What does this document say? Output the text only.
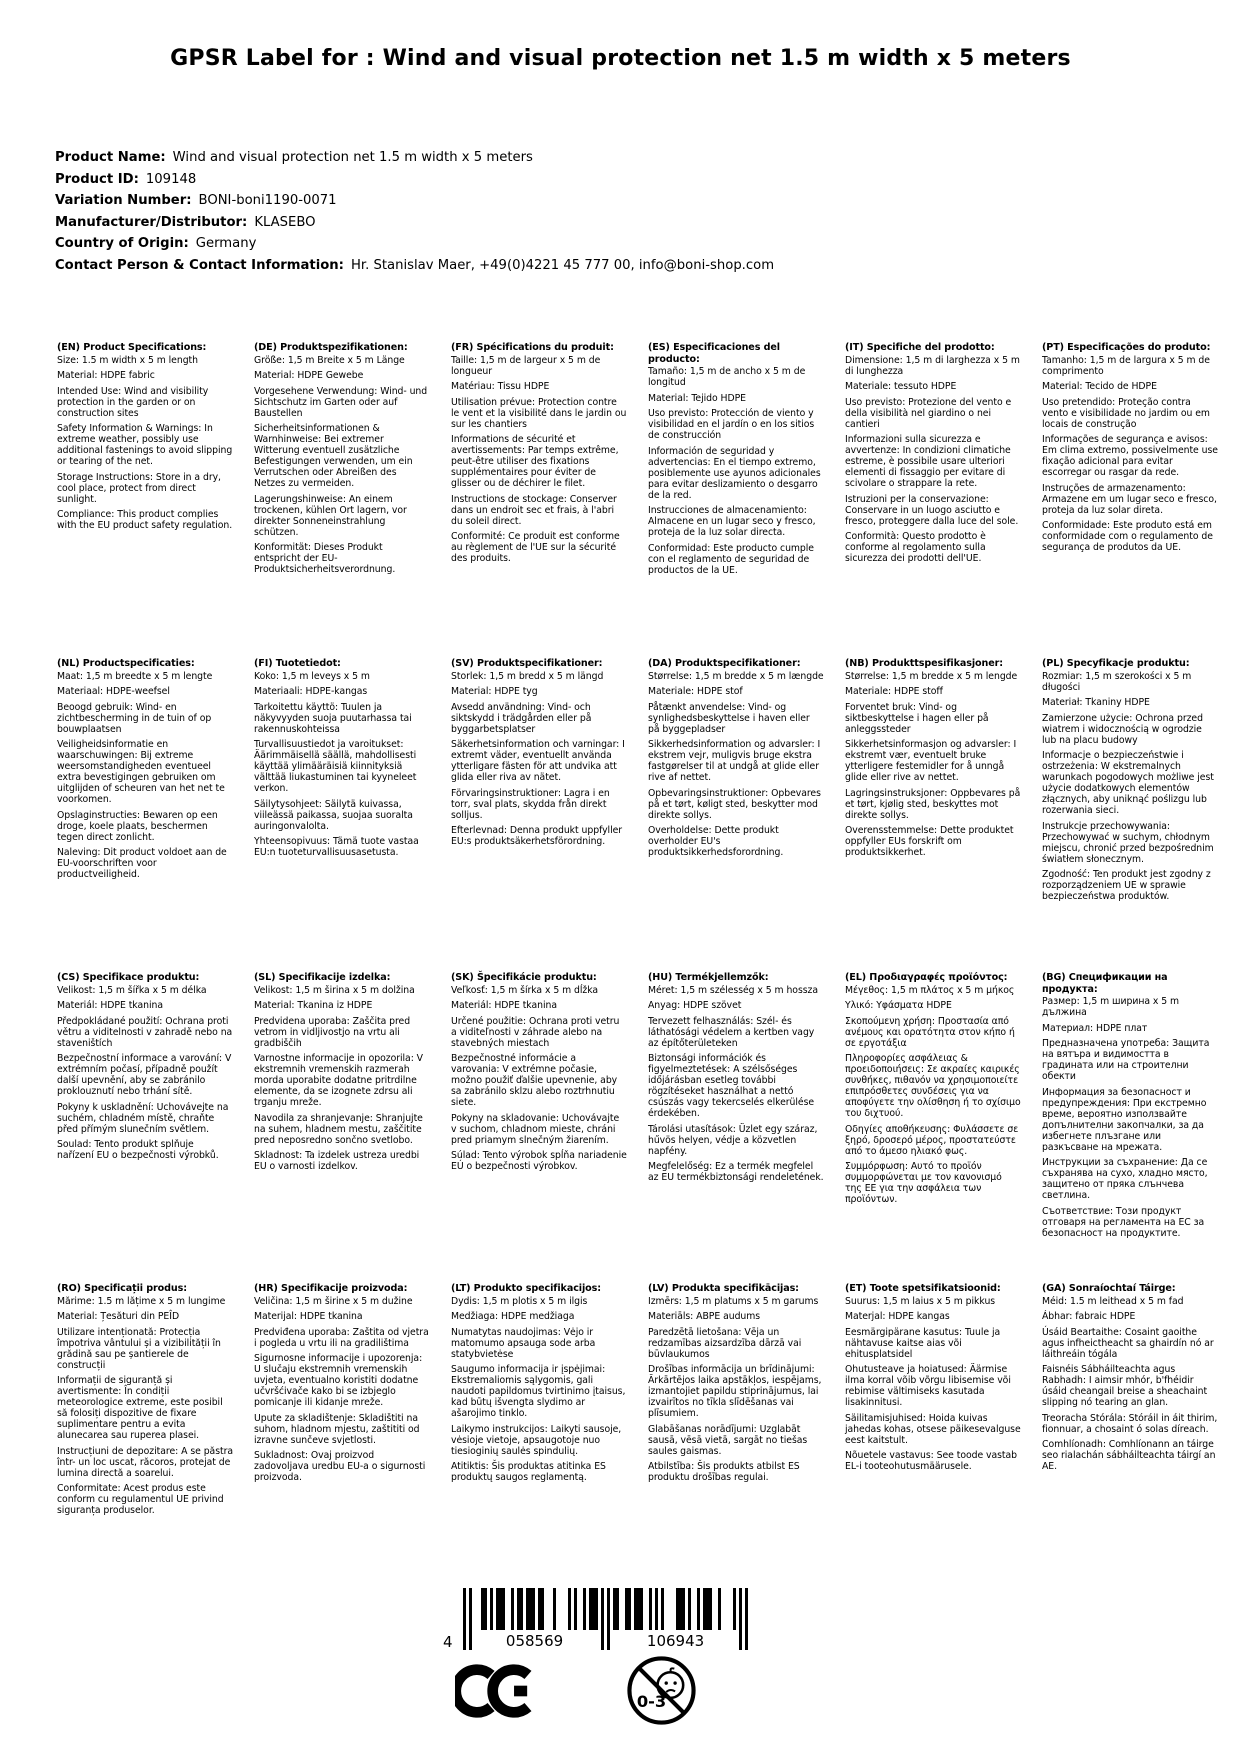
GPSR Label for : Wind and visual protection net 1.5 m width x 5 meters
Product Name: Wind and visual protection net 1.5 m width x 5 meters
Product ID: 109148
Variation Number: BONI-boni1190-0071
Manufacturer/Distributor: KLASEBO
Country of Origin: Germany
Contact Person & Contact Information: Hr. Stanislav Maer, +49(0)4221 45 777 00, info@boni-shop.com
(EN) Product Specifications:
Size: 1.5 m width x 5 m length
Material: HDPE fabric
Intended Use: Wind and visibility protection in the garden or on construction sites
Safety Information & Warnings: In extreme weather, possibly use additional fastenings to avoid slipping or tearing of the net.
Storage Instructions: Store in a dry, cool place, protect from direct sunlight.
Compliance: This product complies with the EU product safety regulation.
(DE) Produktspezifikationen:
Größe: 1,5 m Breite x 5 m Länge
Material: HDPE Gewebe
Vorgesehene Verwendung: Wind- und Sichtschutz im Garten oder auf Baustellen
Sicherheitsinformationen & Warnhinweise: Bei extremer Witterung eventuell zusätzliche Befestigungen verwenden, um ein Verrutschen oder Abreißen des Netzes zu vermeiden.
Lagerungshinweise: An einem trockenen, kühlen Ort lagern, vor direkter Sonneneinstrahlung schützen.
Konformität: Dieses Produkt entspricht der EU-Produktsicherheitsverordnung.
(FR) Spécifications du produit:
Taille: 1,5 m de largeur x 5 m de longueur
Matériau: Tissu HDPE
Utilisation prévue: Protection contre le vent et la visibilité dans le jardin ou sur les chantiers
Informations de sécurité et avertissements: Par temps extrême, peut-être utiliser des fixations supplémentaires pour éviter de glisser ou de déchirer le filet.
Instructions de stockage: Conserver dans un endroit sec et frais, à l'abri du soleil direct.
Conformité: Ce produit est conforme au règlement de l'UE sur la sécurité des produits.
(ES) Especificaciones del producto:
Tamaño: 1,5 m de ancho x 5 m de longitud
Material: Tejido HDPE
Uso previsto: Protección de viento y visibilidad en el jardín o en los sitios de construcción
Información de seguridad y advertencias: En el tiempo extremo, posiblemente use ayunos adicionales para evitar deslizamiento o desgarro de la red.
Instrucciones de almacenamiento: Almacene en un lugar seco y fresco, proteja de la luz solar directa.
Conformidad: Este producto cumple con el reglamento de seguridad de productos de la UE.
(IT) Specifiche del prodotto:
Dimensione: 1,5 m di larghezza x 5 m di lunghezza
Materiale: tessuto HDPE
Uso previsto: Protezione del vento e della visibilità nel giardino o nei cantieri
Informazioni sulla sicurezza e avvertenze: In condizioni climatiche estreme, è possibile usare ulteriori elementi di fissaggio per evitare di scivolare o strappare la rete.
Istruzioni per la conservazione: Conservare in un luogo asciutto e fresco, proteggere dalla luce del sole.
Conformità: Questo prodotto è conforme al regolamento sulla sicurezza dei prodotti dell'UE.
(PT) Especificações do produto:
Tamanho: 1,5 m de largura x 5 m de comprimento
Material: Tecido de HDPE
Uso pretendido: Proteção contra vento e visibilidade no jardim ou em locais de construção
Informações de segurança e avisos: Em clima extremo, possivelmente use fixação adicional para evitar escorregar ou rasgar da rede.
Instruções de armazenamento: Armazene em um lugar seco e fresco, proteja da luz solar direta.
Conformidade: Este produto está em conformidade com o regulamento de segurança de produtos da UE.
(NL) Productspecificaties:
Maat: 1,5 m breedte x 5 m lengte
Materiaal: HDPE-weefsel
Beoogd gebruik: Wind- en zichtbescherming in de tuin of op bouwplaatsen
Veiligheidsinformatie en waarschuwingen: Bij extreme weersomstandigheden eventueel extra bevestigingen gebruiken om uitglijden of scheuren van het net te voorkomen.
Opslaginstructies: Bewaren op een droge, koele plaats, beschermen tegen direct zonlicht.
Naleving: Dit product voldoet aan de EU-voorschriften voor productveiligheid.
(FI) Tuotetiedot:
Koko: 1,5 m leveys x 5 m
Materiaali: HDPE-kangas
Tarkoitettu käyttö: Tuulen ja näkyvyyden suoja puutarhassa tai rakennuskohteissa
Turvallisuustiedot ja varoitukset: Äärimmäisellä säällä, mahdollisesti käyttää ylimääräisiä kiinnityksiä välttää liukastuminen tai kyyneleet verkon.
Säilytysohjeet: Säilytä kuivassa, viileässä paikassa, suojaa suoralta auringonvalolta.
Yhteensopivuus: Tämä tuote vastaa EU:n tuoteturvallisuusasetusta.
(SV) Produktspecifikationer:
Storlek: 1,5 m bredd x 5 m längd
Material: HDPE tyg
Avsedd användning: Vind- och siktskydd i trädgården eller på byggarbetsplatser
Säkerhetsinformation och varningar: I extremt väder, eventuellt använda ytterligare fästen för att undvika att glida eller riva av nätet.
Förvaringsinstruktioner: Lagra i en torr, sval plats, skydda från direkt solljus.
Efterlevnad: Denna produkt uppfyller EU:s produktsäkerhetsförordning.
(DA) Produktspecifikationer:
Størrelse: 1,5 m bredde x 5 m længde
Materiale: HDPE stof
Påtænkt anvendelse: Vind- og synlighedsbeskyttelse i haven eller på byggepladser
Sikkerhedsinformation og advarsler: I ekstrem vejr, muligvis bruge ekstra fastgørelser til at undgå at glide eller rive af nettet.
Opbevaringsinstruktioner: Opbevares på et tørt, køligt sted, beskytter mod direkte sollys.
Overholdelse: Dette produkt overholder EU's produktsikkerhedsforordning.
(NB) Produkttspesifikasjoner:
Størrelse: 1,5 m bredde x 5 m lengde
Materiale: HDPE stoff
Forventet bruk: Vind- og siktbeskyttelse i hagen eller på anleggssteder
Sikkerhetsinformasjon og advarsler: I ekstremt vær, eventuelt bruke ytterligere festemidler for å unngå glide eller rive av nettet.
Lagringsinstruksjoner: Oppbevares på et tørt, kjølig sted, beskyttes mot direkte sollys.
Overensstemmelse: Dette produktet oppfyller EUs forskrift om produktsikkerhet.
(PL) Specyfikacje produktu:
Rozmiar: 1,5 m szerokości x 5 m długości
Materiał: Tkaniny HDPE
Zamierzone użycie: Ochrona przed wiatrem i widocznością w ogrodzie lub na placu budowy
Informacje o bezpieczeństwie i ostrzeżenia: W ekstremalnych warunkach pogodowych możliwe jest użycie dodatkowych elementów złącznych, aby uniknąć poślizgu lub rozerwania sieci.
Instrukcje przechowywania: Przechowywać w suchym, chłodnym miejscu, chronić przed bezpośrednim światłem słonecznym.
Zgodność: Ten produkt jest zgodny z rozporządzeniem UE w sprawie bezpieczeństwa produktów.
(CS) Specifikace produktu:
Velikost: 1,5 m šířka x 5 m délka
Materiál: HDPE tkanina
Předpokládané použití: Ochrana proti větru a viditelnosti v zahradě nebo na staveništích
Bezpečnostní informace a varování: V extrémním počasí, případně použít další upevnění, aby se zabránilo proklouznutí nebo trhání sítě.
Pokyny k uskladnění: Uchovávejte na suchém, chladném místě, chraňte před přímým slunečním světlem.
Soulad: Tento produkt splňuje nařízení EU o bezpečnosti výrobků.
(SL) Specifikacije izdelka:
Velikost: 1,5 m širina x 5 m dolžina
Material: Tkanina iz HDPE
Predvidena uporaba: Zaščita pred vetrom in vidljivostjo na vrtu ali gradbiščih
Varnostne informacije in opozorila: V ekstremnih vremenskih razmerah morda uporabite dodatne pritrdilne elemente, da se izognete zdrsu ali trganju mreže.
Navodila za shranjevanje: Shranjujte na suhem, hladnem mestu, zaščitite pred neposredno sončno svetlobo.
Skladnost: Ta izdelek ustreza uredbi EU o varnosti izdelkov.
(SK) Špecifikácie produktu:
Veľkosť: 1,5 m šírka x 5 m dĺžka
Materiál: HDPE tkanina
Určené použitie: Ochrana proti vetru a viditeľnosti v záhrade alebo na stavebných miestach
Bezpečnostné informácie a varovania: V extrémne počasie, možno použiť ďalšie upevnenie, aby sa zabránilo sklzu alebo roztrhnutiu siete.
Pokyny na skladovanie: Uchovávajte v suchom, chladnom mieste, chráni pred priamym slnečným žiarením.
Súlad: Tento výrobok spĺňa nariadenie EÚ o bezpečnosti výrobkov.
(HU) Termékjellemzők:
Méret: 1,5 m szélesség x 5 m hossza
Anyag: HDPE szövet
Tervezett felhasználás: Szél- és láthatósági védelem a kertben vagy az építőterületeken
Biztonsági információk és figyelmeztetések: A szélsőséges időjárásban esetleg további rögzítéseket használhat a nettó csúszás vagy tekercselés elkerülése érdekében.
Tárolási utasítások: Üzlet egy száraz, hűvös helyen, védje a közvetlen napfény.
Megfelelőség: Ez a termék megfelel az EU termékbiztonsági rendeletének.
(EL) Προδιαγραφές προϊόντος:
Μέγεθος: 1,5 m πλάτος x 5 m μήκος
Υλικό: Υφάσματα HDPE
Σκοπούμενη χρήση: Προστασία από ανέμους και ορατότητα στον κήπο ή σε εργοτάξια
Πληροφορίες ασφάλειας & προειδοποιήσεις: Σε ακραίες καιρικές συνθήκες, πιθανόν να χρησιμοποιείτε επιπρόσθετες συνδέσεις για να αποφύγετε την ολίσθηση ή το σχίσιμο του διχτυού.
Οδηγίες αποθήκευσης: Φυλάσσετε σε ξηρό, δροσερό μέρος, προστατεύστε από το άμεσο ηλιακό φως.
Συμμόρφωση: Αυτό το προϊόν συμμορφώνεται με τον κανονισμό της ΕΕ για την ασφάλεια των προϊόντων.
(BG) Спецификации на продукта:
Размер: 1,5 m ширина x 5 m дължина
Материал: HDPE плат
Предназначена употреба: Защита на вятъра и видимостта в градината или на строителни обекти
Информация за безопасност и предупреждения: При екстремно време, вероятно използвайте допълнителни закопчалки, за да избегнете плъзгане или разкъсване на мрежата.
Инструкции за съхранение: Да се съхранява на сухо, хладно място, защитено от пряка слънчева светлина.
Съответствие: Този продукт отговаря на регламента на ЕС за безопасност на продуктите.
(RO) Specificații produs:
Mărime: 1.5 m lățime x 5 m lungime
Material: Țesături din PEÎD
Utilizare intenționată: Protecția împotriva vântului și a vizibilității în grădină sau pe șantierele de construcții
Informații de siguranță și avertismente: În condiții meteorologice extreme, este posibil să folosiți dispozitive de fixare suplimentare pentru a evita alunecarea sau ruperea plasei.
Instrucțiuni de depozitare: A se păstra într- un loc uscat, răcoros, protejat de lumina directă a soarelui.
Conformitate: Acest produs este conform cu regulamentul UE privind siguranța produselor.
(HR) Specifikacije proizvoda:
Veličina: 1,5 m širine x 5 m dužine
Materijal: HDPE tkanina
Predviđena uporaba: Zaštita od vjetra i pogleda u vrtu ili na gradilištima
Sigurnosne informacije i upozorenja: U slučaju ekstremnih vremenskih uvjeta, eventualno koristiti dodatne učvršćivače kako bi se izbjeglo pomicanje ili kidanje mreže.
Upute za skladištenje: Skladištiti na suhom, hladnom mjestu, zaštititi od izravne sunčeve svjetlosti.
Sukladnost: Ovaj proizvod zadovoljava uredbu EU-a o sigurnosti proizvoda.
(LT) Produkto specifikacijos:
Dydis: 1,5 m plotis x 5 m ilgis
Medžiaga: HDPE medžiaga
Numatytas naudojimas: Vėjo ir matomumo apsauga sode arba statybvietėse
Saugumo informacija ir įspėjimai: Ekstremaliomis sąlygomis, gali naudoti papildomus tvirtinimo įtaisus, kad būtų išvengta slydimo ar ašarojimo tinklo.
Laikymo instrukcijos: Laikyti sausoje, vėsioje vietoje, apsaugotoje nuo tiesioginių saulės spindulių.
Atitiktis: Šis produktas atitinka ES produktų saugos reglamentą.
(LV) Produkta specifikācijas:
Izmērs: 1,5 m platums x 5 m garums
Materiāls: ABPE audums
Paredzētā lietošana: Vēja un redzamības aizsardzība dārzā vai būvlaukumos
Drošības informācija un brīdinājumi: Ārkārtējos laika apstākļos, iespējams, izmantojiet papildu stiprinājumus, lai izvairītos no tīkla slīdēšanas vai plīsumiem.
Glabāšanas norādījumi: Uzglabāt sausā, vēsā vietā, sargāt no tiešas saules gaismas.
Atbilstība: Šis produkts atbilst ES produktu drošības regulai.
(ET) Toote spetsifikatsioonid:
Suurus: 1,5 m laius x 5 m pikkus
Materjal: HDPE kangas
Eesmärgipärane kasutus: Tuule ja nähtavuse kaitse aias või ehitusplatsidel
Ohutusteave ja hoiatused: Äärmise ilma korral võib võrgu libisemise või rebimise vältimiseks kasutada lisakinnitusi.
Säilitamisjuhised: Hoida kuivas jahedas kohas, otsese päikesevalguse eest kaitstult.
Nõuetele vastavus: See toode vastab EL-i tooteohutusmäärusele.
(GA) Sonraíochtaí Táirge:
Méid: 1.5 m leithead x 5 m fad
Ábhar: fabraic HDPE
Úsáid Beartaithe: Cosaint gaoithe agus infheictheacht sa ghairdín nó ar láithreáin tógála
Faisnéis Sábháilteachta agus Rabhadh: I aimsir mhór, b'fhéidir úsáid cheangail breise a sheachaint slipping nó tearing an glan.
Treoracha Stórála: Stóráil in áit thirim, fionnuar, a chosaint ó solas díreach.
Comhlíonadh: Comhlíonann an táirge seo rialachán sábháilteachta táirgí an AE.
4	058569	106943
0-3
